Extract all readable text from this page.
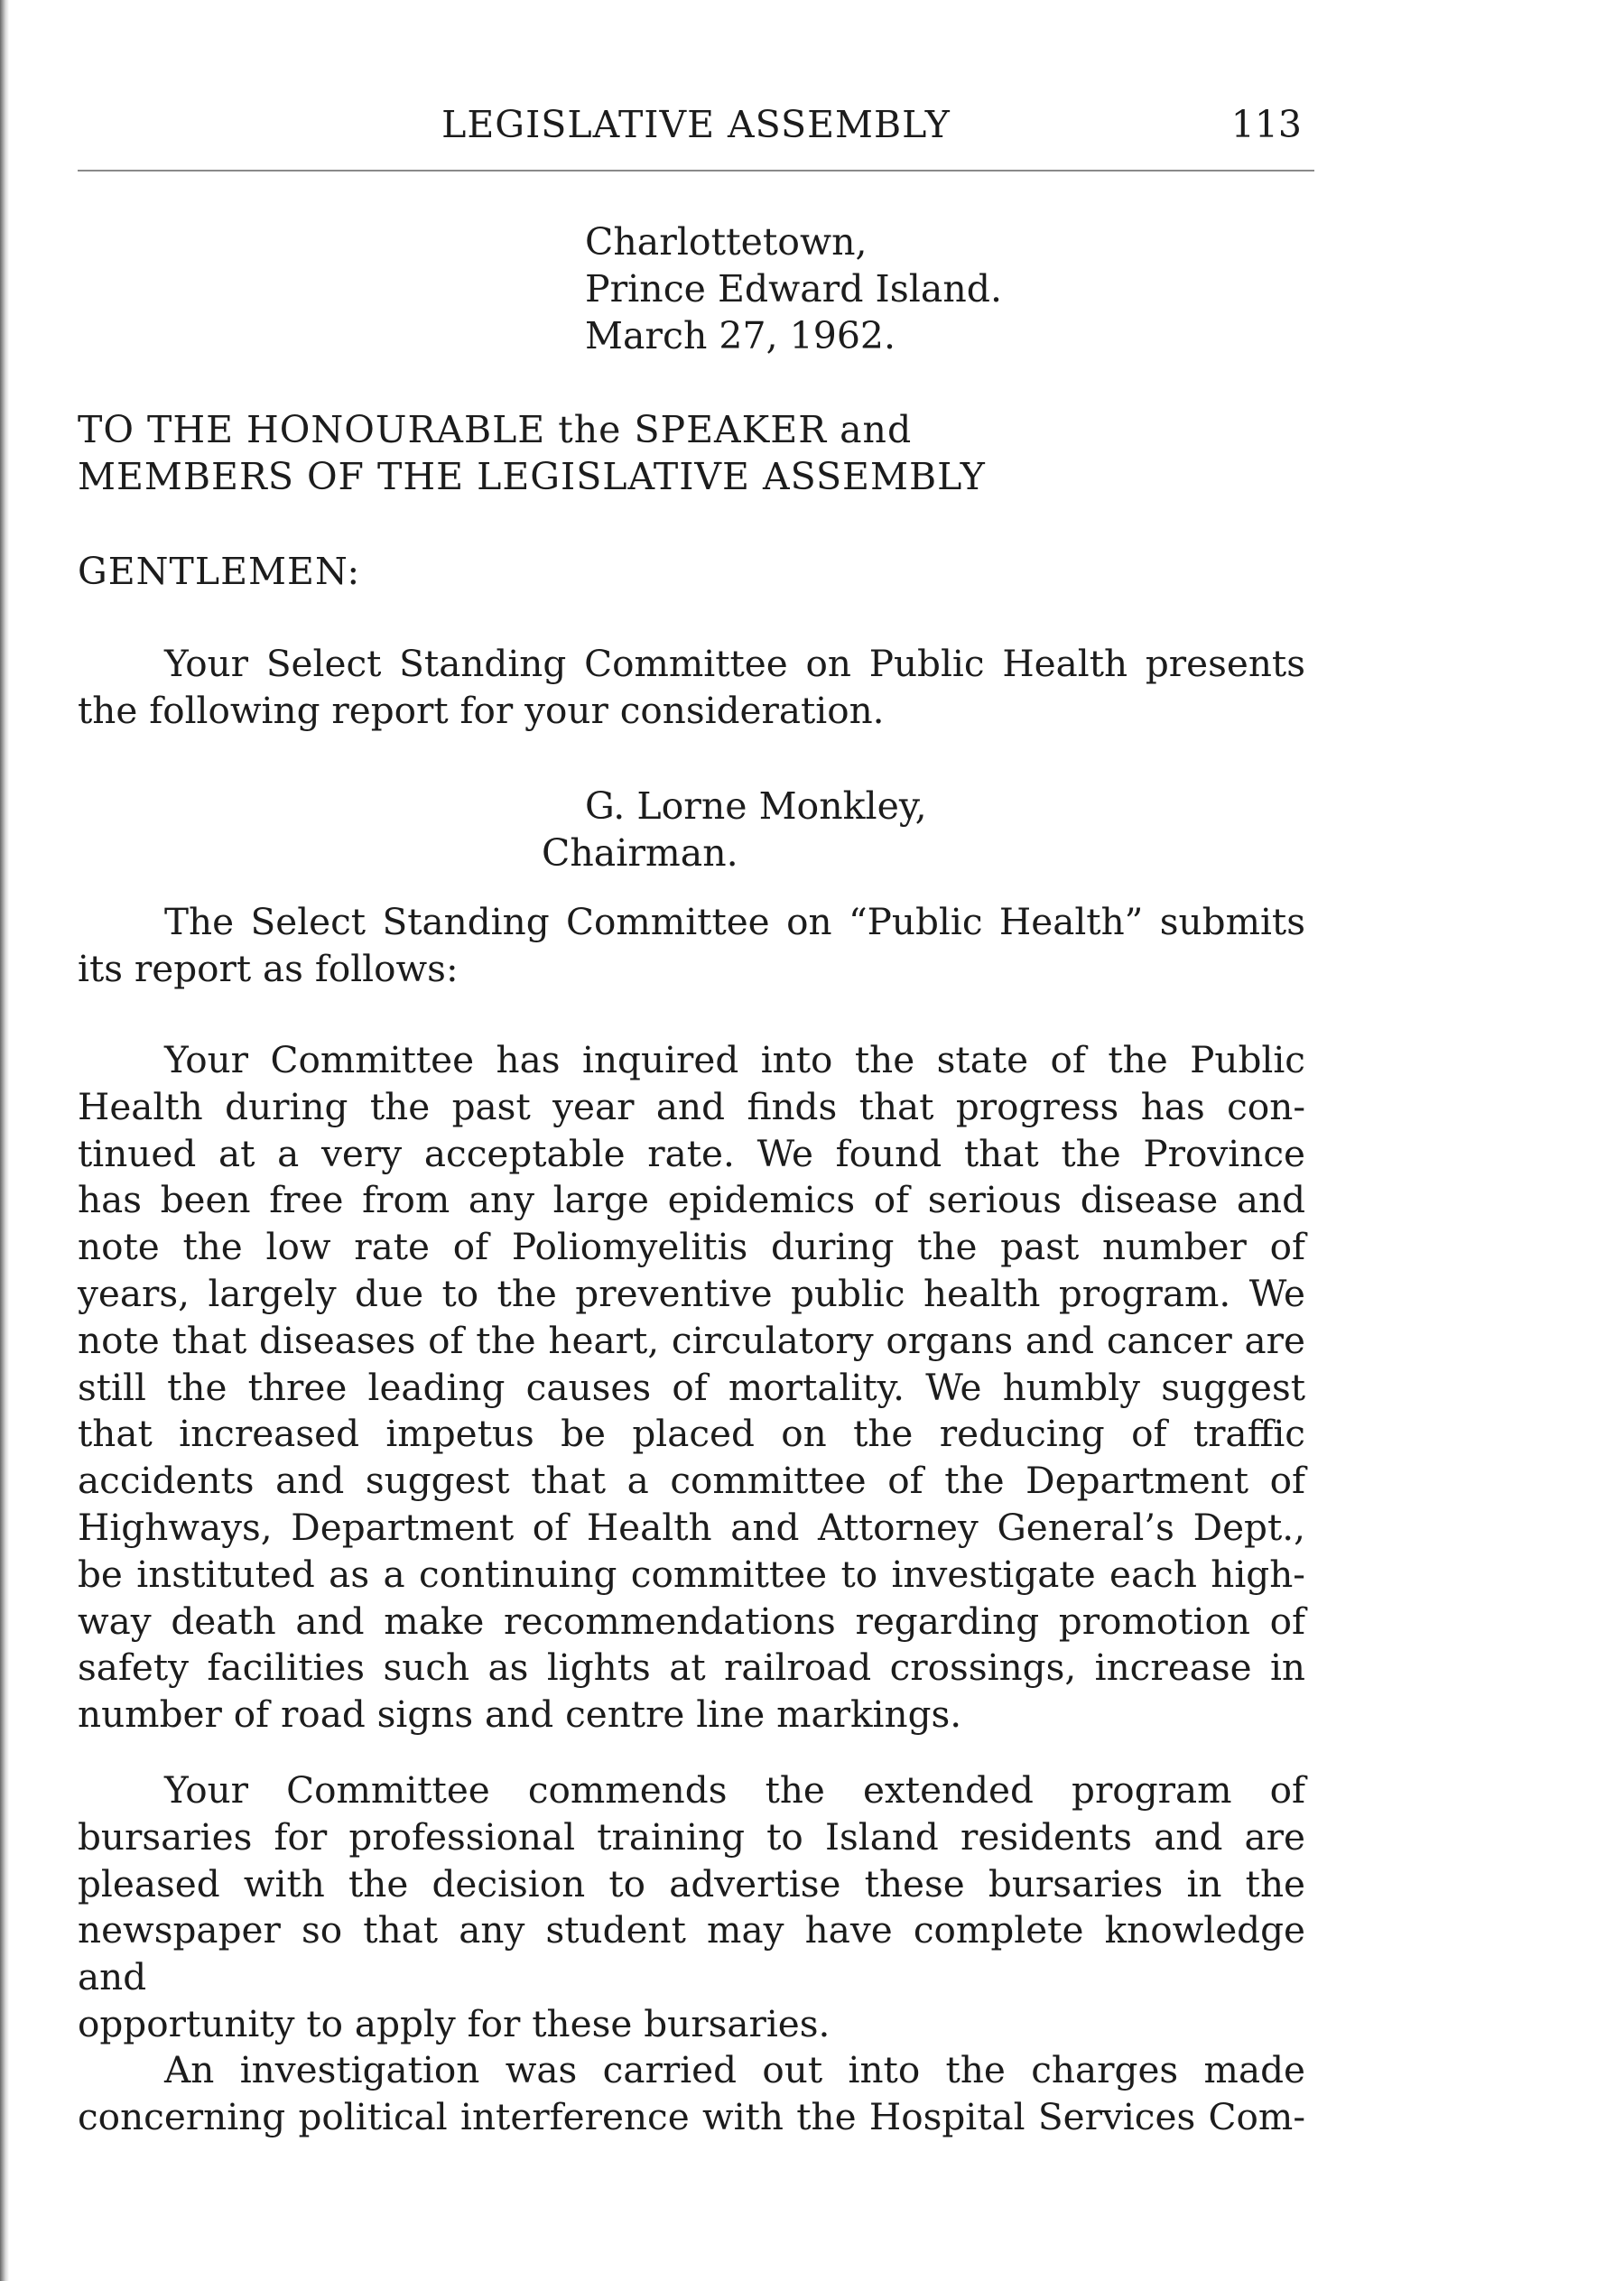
LEGISLATIVE ASSEMBLY	113
Charlottetown,
Prince Edward Island.
March 27, 1962.
TO THE HONOURABLE the SPEAKER and
MEMBERS OF THE LEGISLATIVE ASSEMBLY
GENTLEMEN:
Your Select Standing Committee on Public Health presents
the following report for your consideration.
G. Lorne Monkley,
Chairman.
The Select Standing Committee on “Public Health” submits
its report as follows:
Your Committee has inquired into the state of the Public
Health during the past year and finds that progress has con-
tinued at a very acceptable rate. We found that the Province
has been free from any large epidemics of serious disease and
note the low rate of Poliomyelitis during the past number of
years, largely due to the preventive public health program. We
note that diseases of the heart, circulatory organs and cancer are
still the three leading causes of mortality. We humbly suggest
that increased impetus be placed on the reducing of traffic
accidents and suggest that a committee of the Department of
Highways, Department of Health and Attorney General’s Dept.,
be instituted as a continuing committee to investigate each high-
way death and make recommendations regarding promotion of
safety facilities such as lights at railroad crossings, increase in
number of road signs and centre line markings.
Your Committee commends the extended program of
bursaries for professional training to Island residents and are
pleased with the decision to advertise these bursaries in the
newspaper so that any student may have complete knowledge and
opportunity to apply for these bursaries.
An investigation was carried out into the charges made
concerning political interference with the Hospital Services Com-
